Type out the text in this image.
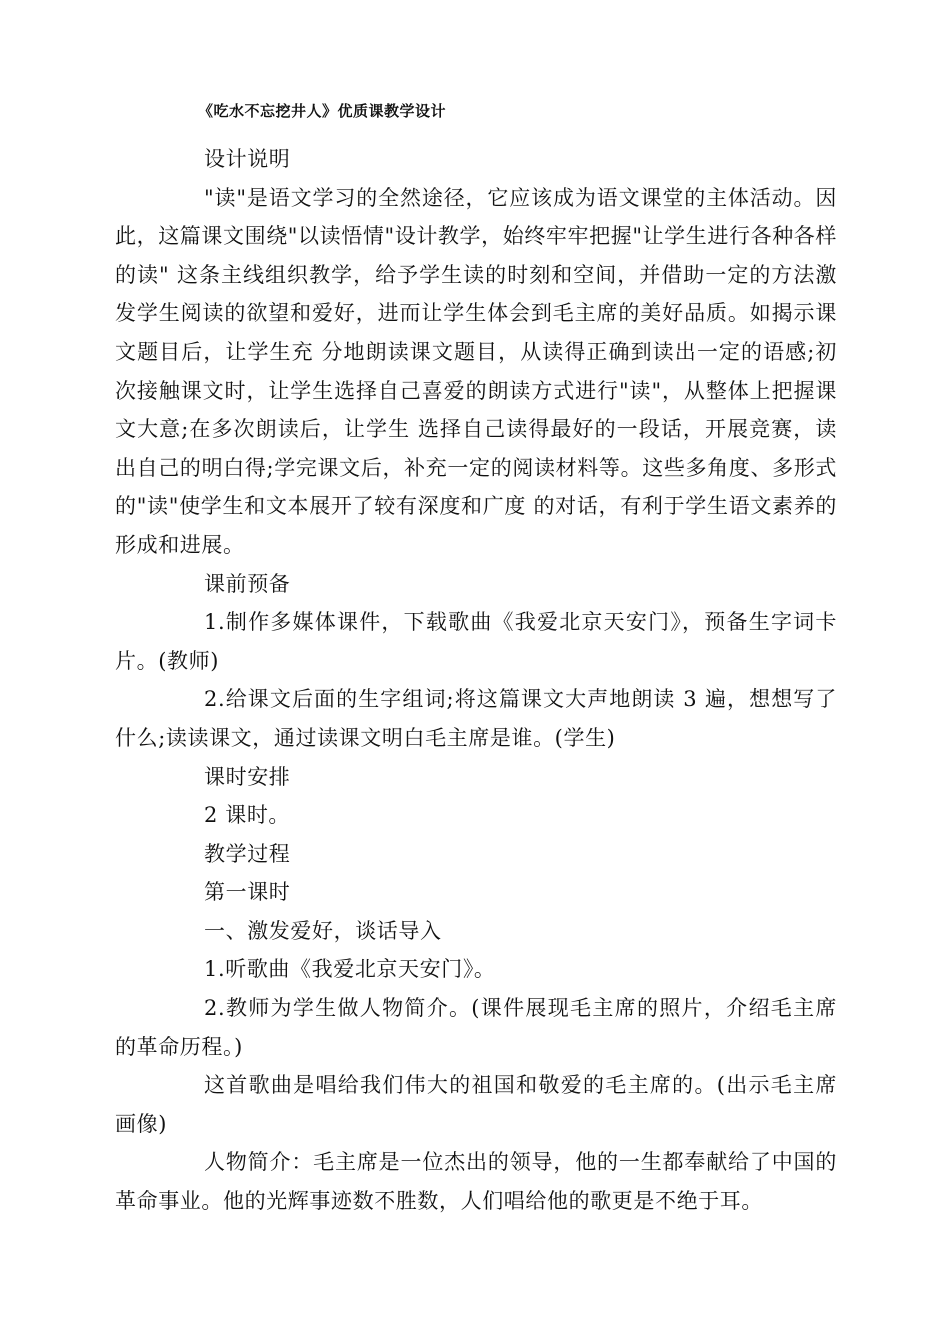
《吃水不忘挖井人》优质课教学设计

设计说明

"读"是语文学习的全然途径，它应该成为语文课堂的主体活动。因此，这篇课文围绕"以读悟情"设计教学，始终牢牢把握"让学生进行各种各样的读" 这条主线组织教学，给予学生读的时刻和空间，并借助一定的方法激发学生阅读的欲望和爱好，进而让学生体会到毛主席的美好品质。如揭示课文题目后，让学生充 分地朗读课文题目，从读得正确到读出一定的语感;初次接触课文时，让学生选择自己喜爱的朗读方式进行"读"，从整体上把握课文大意;在多次朗读后，让学生 选择自己读得最好的一段话，开展竞赛，读出自己的明白得;学完课文后，补充一定的阅读材料等。这些多角度、多形式的"读"使学生和文本展开了较有深度和广度 的对话，有利于学生语文素养的形成和进展。

课前预备

1.制作多媒体课件，下载歌曲《我爱北京天安门》，预备生字词卡片。(教师)

2.给课文后面的生字组词;将这篇课文大声地朗读 3 遍，想想写了什么;读读课文，通过读课文明白毛主席是谁。(学生)

课时安排

2 课时。

教学过程

第一课时

一、激发爱好，谈话导入

1.听歌曲《我爱北京天安门》。

2.教师为学生做人物简介。(课件展现毛主席的照片，介绍毛主席的革命历程。)

这首歌曲是唱给我们伟大的祖国和敬爱的毛主席的。(出示毛主席画像)

人物简介：毛主席是一位杰出的领导，他的一生都奉献给了中国的革命事业。他的光辉事迹数不胜数，人们唱给他的歌更是不绝于耳。
